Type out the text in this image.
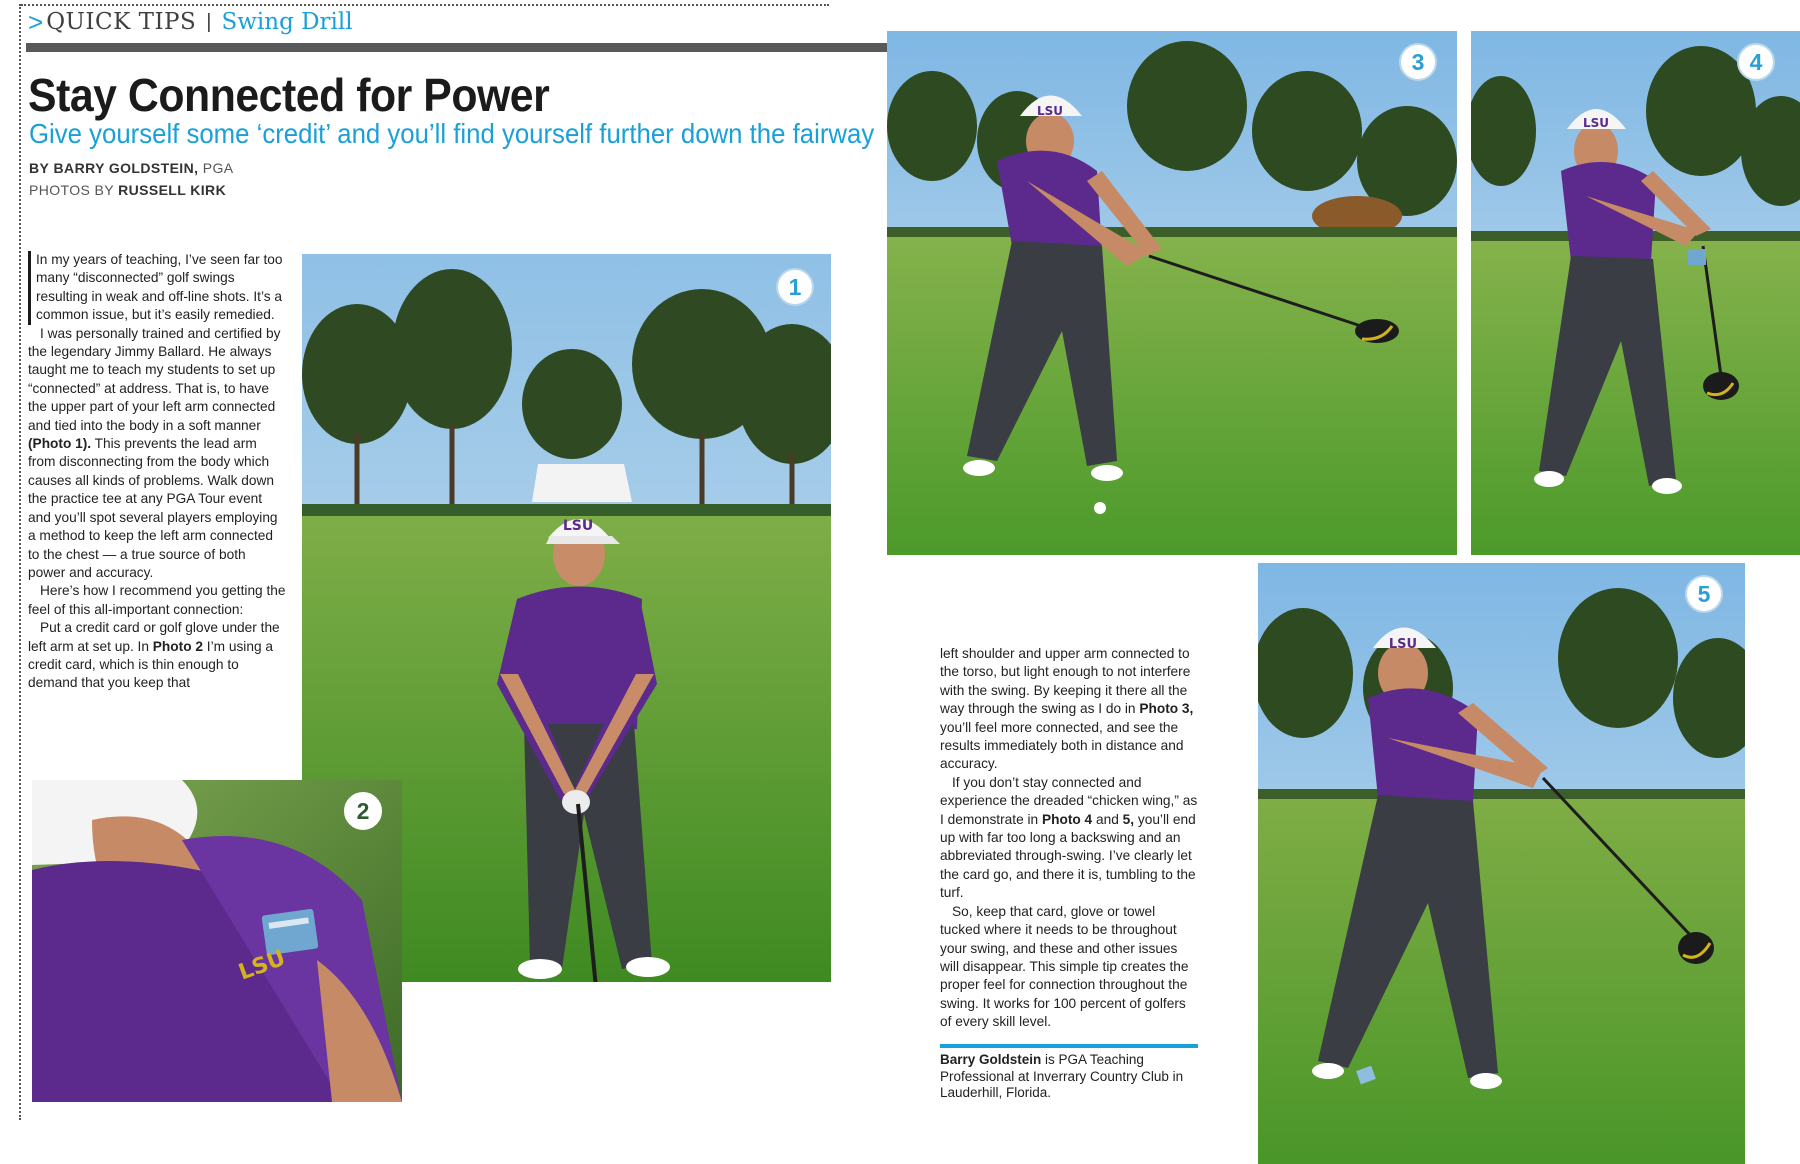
> QUICK TIPS | Swing Drill
Stay Connected for Power
Give yourself some ‘credit’ and you’ll find yourself further down the fairway
BY BARRY GOLDSTEIN, PGA
PHOTOS BY RUSSELL KIRK

In my years of teaching, I’ve seen far too many “disconnected” golf swings resulting in weak and off-line shots. It’s a common issue, but it’s easily remedied.

I was personally trained and certified by the legendary Jimmy Ballard. He always taught me to teach my students to set up “connected” at address. That is, to have the upper part of your left arm connected and tied into the body in a soft manner (Photo 1). This prevents the lead arm from disconnecting from the body which causes all kinds of problems. Walk down the practice tee at any PGA Tour event and you’ll spot several players employing a method to keep the left arm connected to the chest — a true source of both power and accuracy.

Here’s how I recommend you getting the feel of this all-important connection:

Put a credit card or golf glove under the left arm at set up. In Photo 2 I’m using a credit card, which is thin enough to demand that you keep that

left shoulder and upper arm connected to the torso, but light enough to not interfere with the swing. By keeping it there all the way through the swing as I do in Photo 3, you’ll feel more connected, and see the results immediately both in distance and accuracy.

If you don’t stay connected and experience the dreaded “chicken wing,” as I demonstrate in Photo 4 and 5, you’ll end up with far too long a backswing and an abbreviated through-swing. I’ve clearly let the card go, and there it is, tumbling to the turf.

So, keep that card, glove or towel tucked where it needs to be throughout your swing, and these and other issues will disappear. This simple tip creates the proper feel for connection throughout the swing. It works for 100 percent of golfers of every skill level.

Barry Goldstein is PGA Teaching Professional at Inverrary Country Club in Lauderhill, Florida.
LSU
1
LSU
2
LSU
3
LSU
4
LSU
5
